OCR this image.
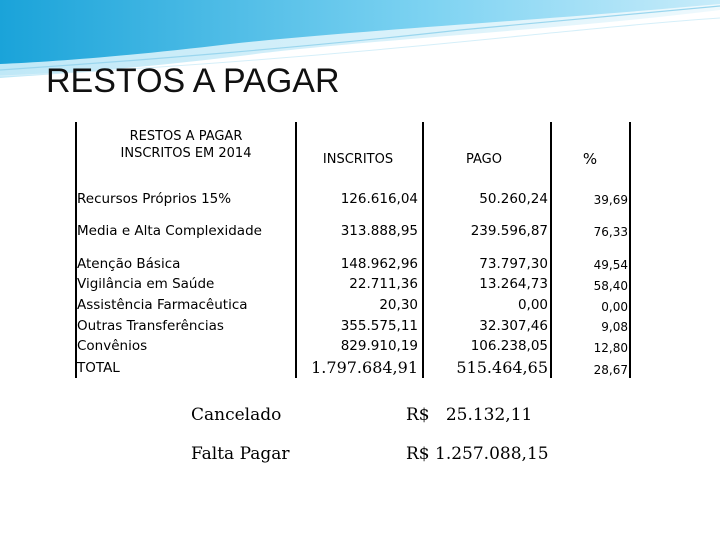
RESTOS A PAGAR
RESTOS A PAGAR
INSCRITOS EM 2014	INSCRITOS	PAGO	%
Recursos Próprios 15%	126.616,04	50.260,24	39,69
Media e Alta Complexidade	313.888,95	239.596,87	76,33
Atenção Básica	148.962,96	73.797,30	49,54
Vigilância em Saúde	22.711,36	13.264,73	58,40
Assistência Farmacêutica	20,30	0,00	0,00
Outras Transferências	355.575,11	32.307,46	9,08
Convênios	829.910,19	106.238,05	12,80
TOTAL	1.797.684,91	515.464,65	28,67
Cancelado	R$   25.132,11
Falta Pagar	R$ 1.257.088,15
